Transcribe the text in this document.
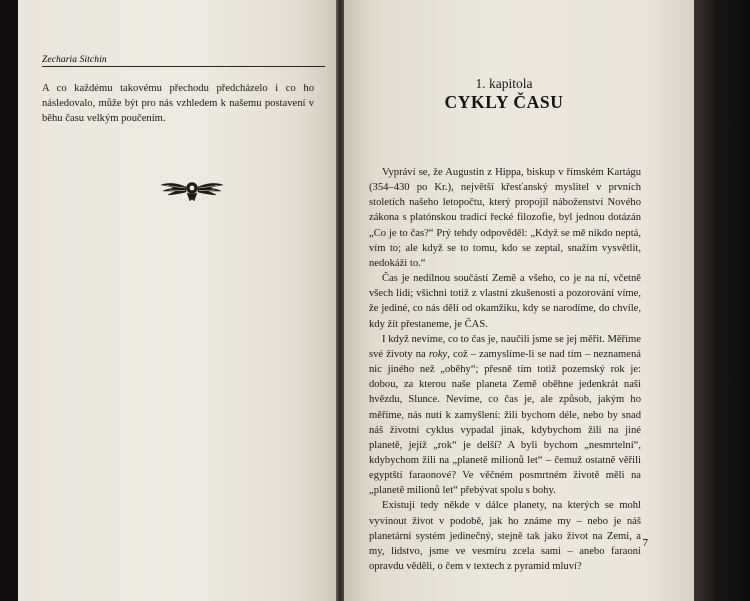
Zecharia Sitchin

A co každému takovému přechodu předcházelo i co ho následovalo, může být pro nás vzhledem k našemu postavení v běhu času velkým poučením.

1. kapitola
CYKLY ČASU

Vypráví se, že Augustin z Hippa, biskup v římském Kartágu (354–430 po Kr.), největší křesťanský myslitel v prvních stoletích našeho letopočtu, který propojil náboženství Nového zákona s platónskou tradicí řecké filozofie, byl jednou dotázán „Co je to čas?“ Prý tehdy odpověděl: „Když se mě nikdo neptá, vím to; ale když se to tomu, kdo se zeptal, snažím vysvětlit, nedokáži to.“

Čas je nedílnou součástí Země a všeho, co je na ní, včetně všech lidí; všichni totiž z vlastní zkušenosti a pozorování víme, že jediné, co nás dělí od okamžiku, kdy se narodíme, do chvíle, kdy žít přestaneme, je ČAS.

I když nevíme, co to čas je, naučili jsme se jej měřit. Měříme své životy na roky, což – zamyslíme-li se nad tím – neznamená nic jiného než „oběhy“; přesně tím totiž pozemský rok je: dobou, za kterou naše planeta Země oběhne jedenkrát naši hvězdu, Slunce. Nevíme, co čas je, ale způsob, jakým ho měříme, nás nutí k zamyšlení: žili bychom déle, nebo by snad náš životní cyklus vypadal jinak, kdybychom žili na jiné planetě, jejíž „rok“ je delší? A byli bychom „nesmrtelní“, kdybychom žili na „planetě milionů let“ – čemuž ostatně věřili egyptští faraonové? Ve věčném posmrtném životě měli na „planetě milionů let“ přebývat spolu s bohy.

Existují tedy někde v dálce planety, na kterých se mohl vyvinout život v podobě, jak ho známe my – nebo je náš planetární systém jedinečný, stejně tak jako život na Zemi, a my, lidstvo, jsme ve vesmíru zcela sami – anebo faraoni opravdu věděli, o čem v textech z pyramid mluví?

7
